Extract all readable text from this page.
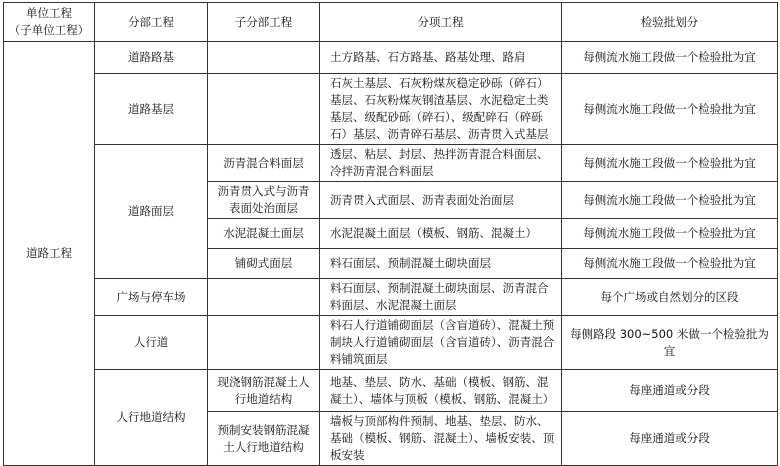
单位工程
（子单位工程）	分部工程	子分部工程	分项工程	检验批划分
道路工程	道路路基		土方路基、石方路基、路基处理、路肩	每侧流水施工段做一个检验批为宜
	道路基层		石灰土基层、石灰粉煤灰稳定砂砾（碎石）基层、石灰粉煤灰钢渣基层、水泥稳定土类基层、级配砂砾（碎石）、级配碎石（碎砾石）基层、沥青碎石基层、沥青贯入式基层	每侧流水施工段做一个检验批为宜
	道路面层	沥青混合料面层	透层、粘层、封层、热拌沥青混合料面层、冷拌沥青混合料面层	每侧流水施工段做一个检验批为宜
		沥青贯入式与沥青表面处治面层	沥青贯入式面层、沥青表面处治面层	每侧流水施工段做一个检验批为宜
		水泥混凝土面层	水泥混凝土面层（模板、钢筋、混凝土）	每侧流水施工段做一个检验批为宜
		铺砌式面层	料石面层、预制混凝土砌块面层	每侧流水施工段做一个检验批为宜
	广场与停车场		料石面层、预制混凝土砌块面层、沥青混合料面层、水泥混凝土面层	每个广场或自然划分的区段
	人行道		料石人行道铺砌面层（含盲道砖）、混凝土预制块人行道铺砌面层（含盲道砖）、沥青混合料铺筑面层	每侧路段 300~500 米做一个检验批为宜
	人行地道结构	现浇钢筋混凝土人行地道结构	地基、垫层、防水、基础（模板、钢筋、混凝土）、墙体与顶板（模板、钢筋、混凝土）	每座通道或分段
		预制安装钢筋混凝土人行地道结构	墙板与顶部构件预制、地基、垫层、防水、基础（模板、钢筋、混凝土）、墙板安装、顶板安装	每座通道或分段
